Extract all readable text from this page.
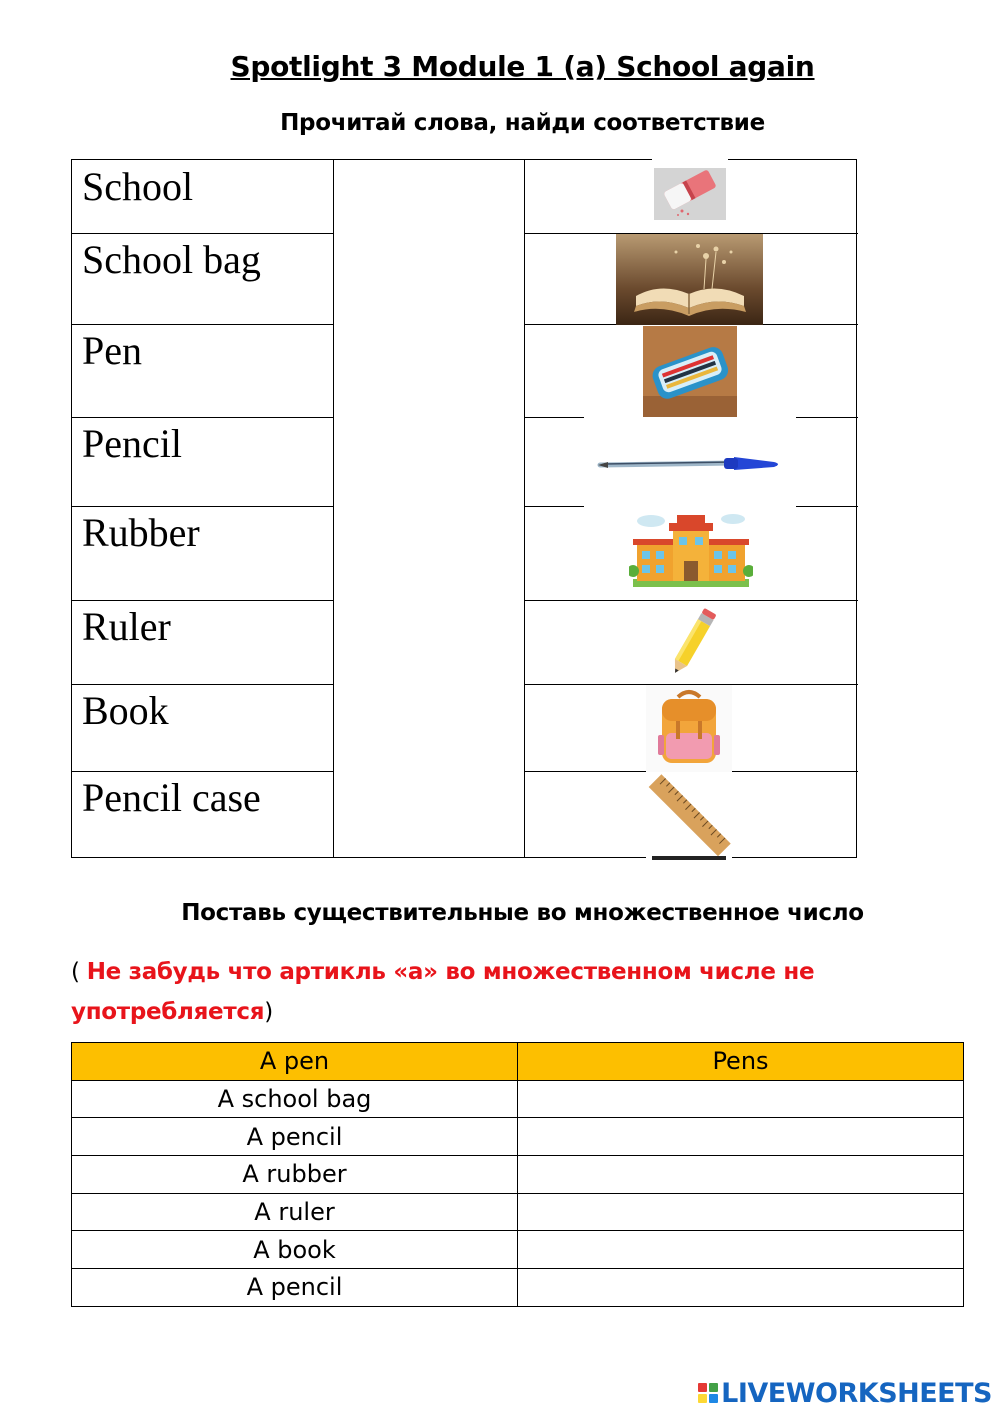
Spotlight 3 Module 1 (a) School again
Прочитай слова, найди соответствие
School
School bag
Pen
Pencil
Rubber
Ruler
Book
Pencil case
Поставь существительные во множественное число
( Не забудь что артикль «а» во множественном числе не употребляется)
A pen	Pens
A school bag	
A pencil	
A rubber	
A ruler	
A book	
A pencil	
LIVEWORKSHEETS
